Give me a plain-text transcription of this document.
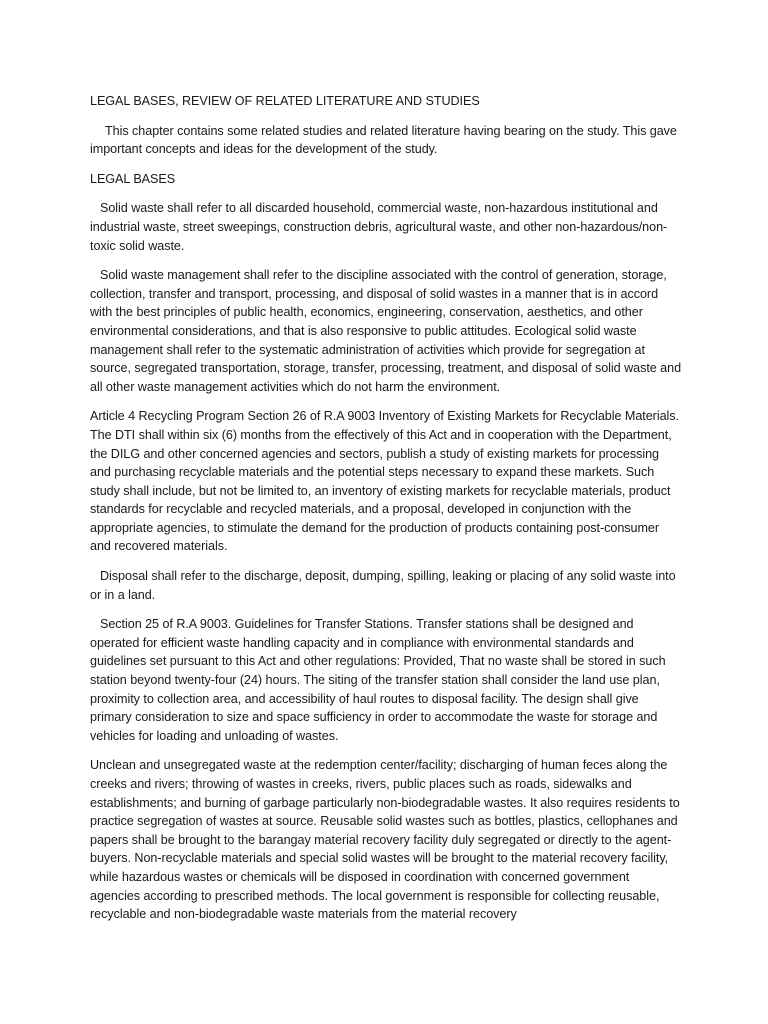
LEGAL BASES, REVIEW OF RELATED LITERATURE AND STUDIES

This chapter contains some related studies and related literature having bearing on the study. This gave important concepts and ideas for the development of the study.

LEGAL BASES

Solid waste shall refer to all discarded household, commercial waste, non-hazardous institutional and industrial waste, street sweepings, construction debris, agricultural waste, and other non-hazardous/non-toxic solid waste.

Solid waste management shall refer to the discipline associated with the control of generation, storage, collection, transfer and transport, processing, and disposal of solid wastes in a manner that is in accord with the best principles of public health, economics, engineering, conservation, aesthetics, and other environmental considerations, and that is also responsive to public attitudes. Ecological solid waste management shall refer to the systematic administration of activities which provide for segregation at source, segregated transportation, storage, transfer, processing, treatment, and disposal of solid waste and all other waste management activities which do not harm the environment.

Article 4 Recycling Program Section 26 of R.A 9003 Inventory of Existing Markets for Recyclable Materials. The DTI shall within six (6) months from the effectively of this Act and in cooperation with the Department, the DILG and other concerned agencies and sectors, publish a study of existing markets for processing and purchasing recyclable materials and the potential steps necessary to expand these markets. Such study shall include, but not be limited to, an inventory of existing markets for recyclable materials, product standards for recyclable and recycled materials, and a proposal, developed in conjunction with the appropriate agencies, to stimulate the demand for the production of products containing post-consumer and recovered materials.

Disposal shall refer to the discharge, deposit, dumping, spilling, leaking or placing of any solid waste into or in a land.

Section 25 of R.A 9003. Guidelines for Transfer Stations. Transfer stations shall be designed and operated for efficient waste handling capacity and in compliance with environmental standards and guidelines set pursuant to this Act and other regulations: Provided, That no waste shall be stored in such station beyond twenty-four (24) hours. The siting of the transfer station shall consider the land use plan, proximity to collection area, and accessibility of haul routes to disposal facility. The design shall give primary consideration to size and space sufficiency in order to accommodate the waste for storage and vehicles for loading and unloading of wastes.

Unclean and unsegregated waste at the redemption center/facility; discharging of human feces along the creeks and rivers; throwing of wastes in creeks, rivers, public places such as roads, sidewalks and establishments; and burning of garbage particularly non-biodegradable wastes. It also requires residents to practice segregation of wastes at source. Reusable solid wastes such as bottles, plastics, cellophanes and papers shall be brought to the barangay material recovery facility duly segregated or directly to the agent-buyers. Non-recyclable materials and special solid wastes will be brought to the material recovery facility, while hazardous wastes or chemicals will be disposed in coordination with concerned government agencies according to prescribed methods. The local government is responsible for collecting reusable, recyclable and non-biodegradable waste materials from the material recovery
